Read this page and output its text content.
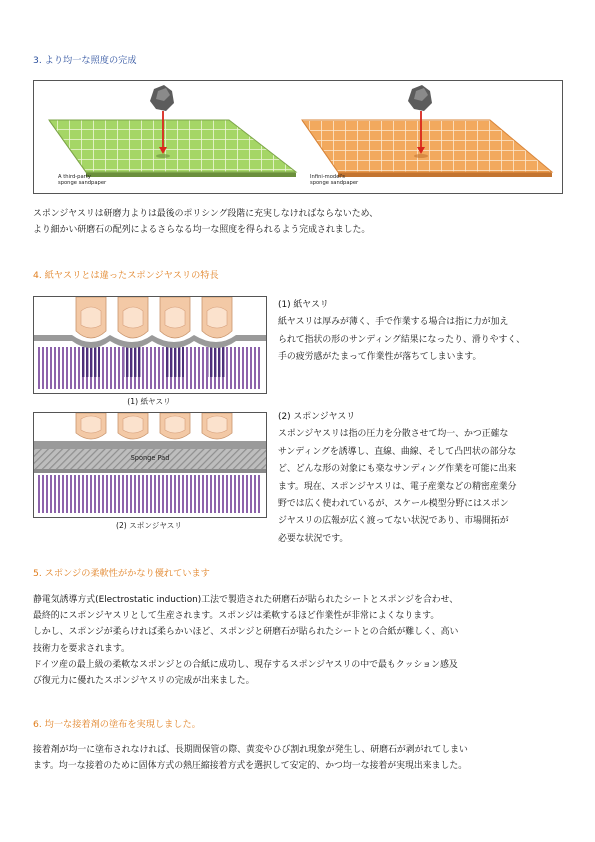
3. より均一な照度の完成
A third-party
sponge sandpaper
Infini-model's
sponge sandpaper
スポンジヤスリは研磨力よりは最後のポリシング段階に充実しなければならないため、
より細かい研磨石の配列によるさらなる均一な照度を得られるよう完成されました。
4. 紙ヤスリとは違ったスポンジヤスリの特長
(1) 紙ヤスリ
Sponge Pad
(2) スポンジヤスリ
(1) 紙ヤスリ
紙ヤスリは厚みが薄く、手で作業する場合は指に力が加え
られて指状の形のサンディング結果になったり、滑りやすく、
手の疲労感がたまって作業性が落ちてしまいます。
(2) スポンジヤスリ
スポンジヤスリは指の圧力を分散させて均一、かつ正確な
サンディングを誘導し、直線、曲線、そして凸凹状の部分な
ど、どんな形の対象にも楽なサンディング作業を可能に出来
ます。現在、スポンジヤスリは、電子産業などの精密産業分
野では広く使われているが、スケール模型分野にはスポン
ジヤスリの広報が広く渡ってない状況であり、市場開拓が
必要な状況です。
5. スポンジの柔軟性がかなり優れています
静電気誘導方式(Electrostatic induction)工法で製造された研磨石が貼られたシートとスポンジを合わせ、
最終的にスポンジヤスリとして生産されます。スポンジは柔軟するほど作業性が非常によくなります。
しかし、スポンジが柔らければ柔らかいほど、スポンジと研磨石が貼られたシートとの合紙が難しく、高い
技術力を要求されます。
ドイツ産の最上級の柔軟なスポンジとの合紙に成功し、現存するスポンジヤスリの中で最もクッション感及
び復元力に優れたスポンジヤスリの完成が出来ました。
6. 均一な接着剤の塗布を実現しました。
接着剤が均一に塗布されなければ、長期間保管の際、黄変やひび割れ現象が発生し、研磨石が剥がれてしまい
ます。均一な接着のために固体方式の熱圧縮接着方式を選択して安定的、かつ均一な接着が実現出来ました。
